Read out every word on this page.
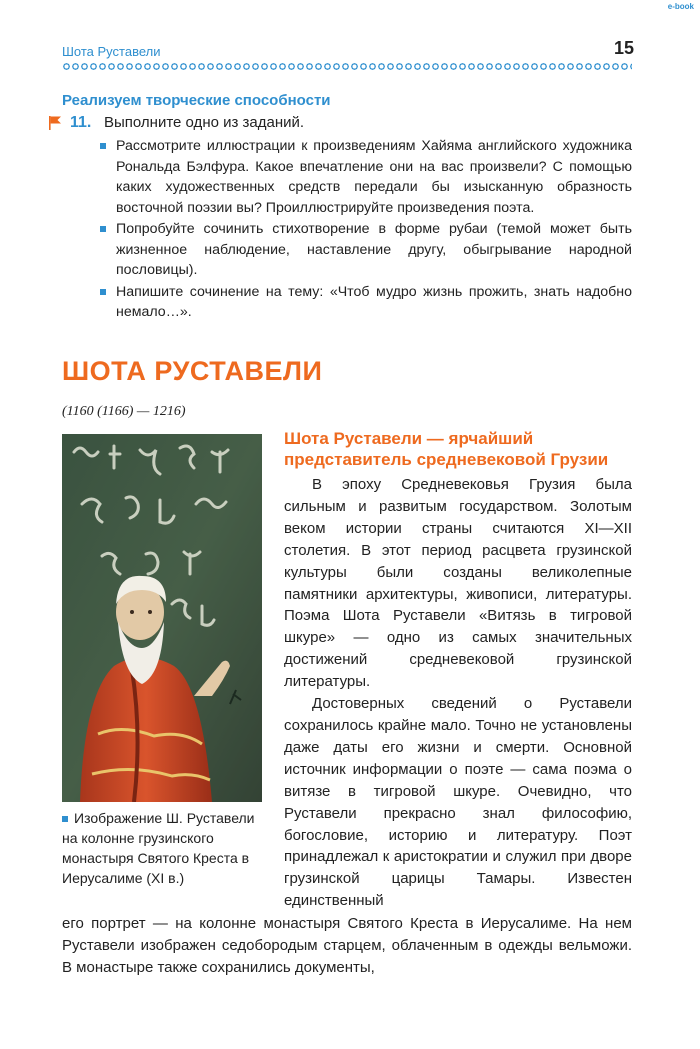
e-book
Шота Руставели	15
Реализуем творческие способности
11. Выполните одно из заданий.
Рассмотрите иллюстрации к произведениям Хайяма английского художника Рональда Бэлфура. Какое впечатление они на вас произвели? С помощью каких художественных средств передали бы изысканную образность восточной поэзии вы? Проиллюстрируйте произведения поэта.
Попробуйте сочинить стихотворение в форме рубаи (темой может быть жизненное наблюдение, наставление другу, обыгрывание народной пословицы).
Напишите сочинение на тему: «Чтоб мудро жизнь прожить, знать надобно немало…».
ШОТА РУСТАВЕЛИ
(1160 (1166) — 1216)
Изображение Ш. Руставели на колонне грузинского монастыря Святого Креста в Иерусалиме (XI в.)
Шота Руставели — ярчайший представитель средневековой Грузии

В эпоху Средневековья Грузия была сильным и развитым государством. Золотым веком истории страны считаются XI—XII столетия. В этот период расцвета грузинской культуры были созданы великолепные памятники архитектуры, живописи, литературы. Поэма Шота Руставели «Витязь в тигровой шкуре» — одно из самых значительных достижений средневековой грузинской литературы.

Достоверных сведений о Руставели сохранилось крайне мало. Точно не установлены даже даты его жизни и смерти. Основной источник информации о поэте — сама поэма о витязе в тигровой шкуре. Очевидно, что Руставели прекрасно знал философию, богословие, историю и литературу. Поэт принадлежал к аристократии и служил при дворе грузинской царицы Тамары. Известен единственный

его портрет — на колонне монастыря Святого Креста в Иерусалиме. На нем Руставели изображен седобородым старцем, облаченным в одежды вельможи. В монастыре также сохранились документы,
